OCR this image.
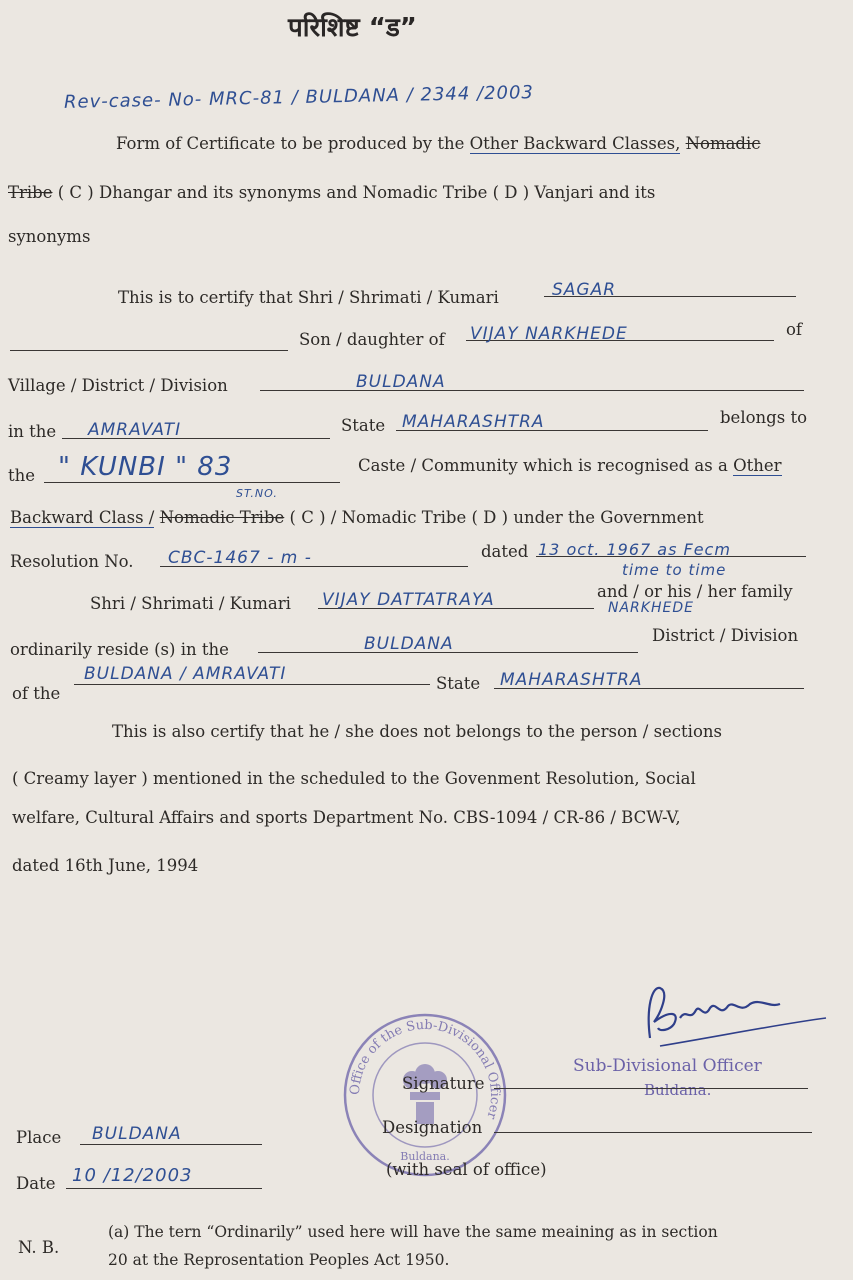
परिशिष्ट “ड”
Rev-case- No- MRC-81 / BULDANA / 2344 /2003
Form of Certificate to be produced by the Other Backward Classes, Nomadic
Tribe ( C ) Dhangar and its synonyms and Nomadic Tribe ( D ) Vanjari and its
synonyms
This is to certify that Shri / Shrimati / Kumari	SAGAR
Son / daughter of VIJAY NARKHEDE	of
Village / District / Division	BULDANA
in the AMRAVATI	State MAHARASHTRA	belongs to
the " KUNBI " 83	Caste / Community which is recognised as a Other
ST.NO.
Backward Class / Nomadic Tribe ( C ) / Nomadic Tribe ( D ) under the Government
Resolution No. CBC-1467 - m -	dated 13 oct. 1967 as Fecm
time to time
Shri / Shrimati / Kumari VIJAY DATTATRAYA	and / or his / her family
NARKHEDE
ordinarily reside (s) in the	BULDANA	District / Division
of the
BULDANA / AMRAVATI	State MAHARASHTRA
This is also certify that he / she does not belongs to the person / sections
( Creamy layer ) mentioned in the scheduled to the Govenment Resolution, Social
welfare, Cultural Affairs and sports Department No. CBS-1094 / CR-86 / BCW-V,
dated 16th June, 1994
Office of the Sub-Divisional Officer
Buldana.
Sub-Divisional Officer
Buldana.
Signature
Designation
(with seal of office)
Place BULDANA
Date 10 /12/2003
N. B.
(a) The tern “Ordinarily” used here will have the same meaining as in section
20 at the Reprosentation Peoples Act 1950.
